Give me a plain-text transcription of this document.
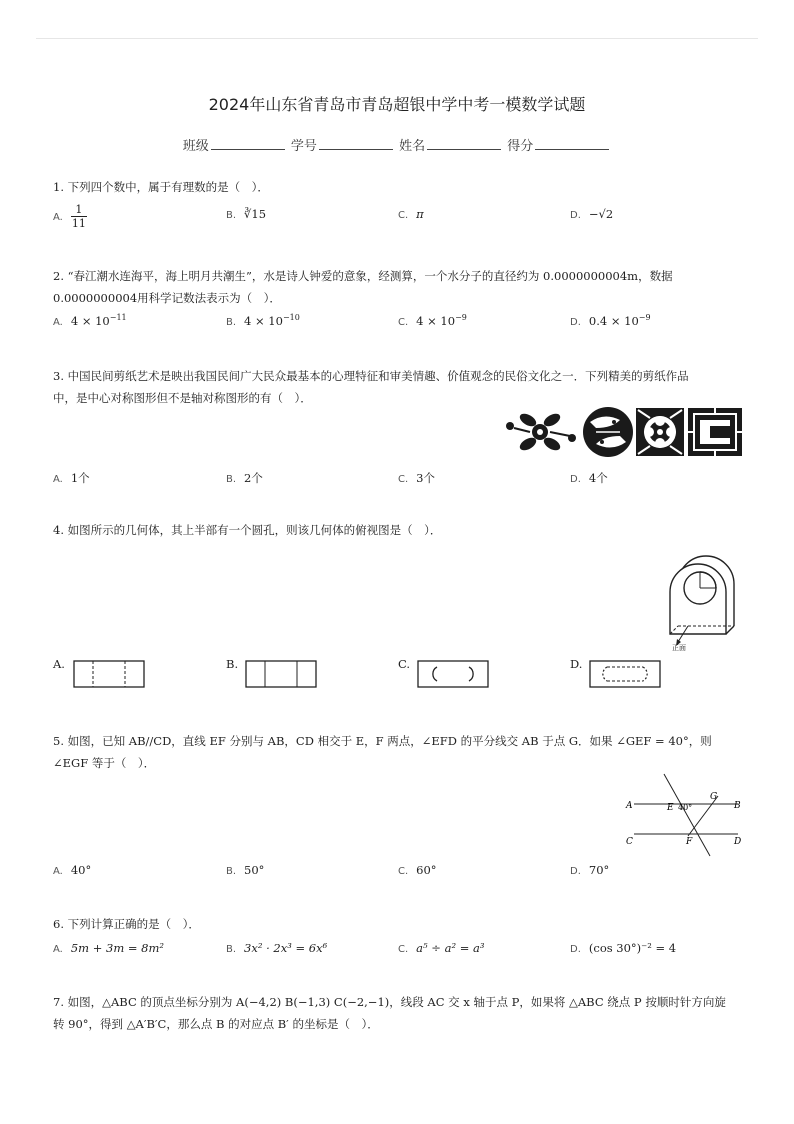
2024年山东省青岛市青岛超银中学中考一模数学试题
班级	学号	姓名	得分
1. 下列四个数中，属于有理数的是（　）．
A. $\frac{1}{11}$	B. ∛15	C. π	D. −√2
2. “春江潮水连海平，海上明月共潮生”，水是诗人钟爱的意象，经测算，一个水分子的直径约为 0.0000000004m，数据
0.0000000004用科学记数法表示为（　）．
A. $4 \times 10^{-11}$	B. $4 \times 10^{-10}$	C. $4 \times 10^{-9}$	D. $0.4 \times 10^{-9}$
3. 中国民间剪纸艺术是映出我国民间广大民众最基本的心理特征和审美情趣、价值观念的民俗文化之一．下列精美的剪纸作品
中，是中心对称图形但不是轴对称图形的有（　）．
A. 1个	B. 2个	C. 3个	D. 4个
4. 如图所示的几何体，其上半部有一个圆孔，则该几何体的俯视图是（　）．
正面
A.	B.	C.	D.
5. 如图，已知 AB//CD，直线 EF 分别与 AB，CD 相交于 E，F 两点，∠EFD 的平分线交 AB 于点 G．如果 ∠GEF = 40°，则
∠EGF 等于（　）．
A	B
C	D
E
F
G
40°
A. 40°	B. 50°	C. 60°	D. 70°
6. 下列计算正确的是（　）．
A. 5m + 3m = 8m²	B. 3x² · 2x³ = 6x⁶	C. a⁵ ÷ a² = a³	D. (cos 30°)⁻² = 4
7. 如图，△ABC 的顶点坐标分别为 A(−4,2) B(−1,3) C(−2,−1)，线段 AC 交 x 轴于点 P，如果将 △ABC 绕点 P 按顺时针方向旋
转 90°，得到 △A′B′C，那么点 B 的对应点 B′ 的坐标是（　）．
